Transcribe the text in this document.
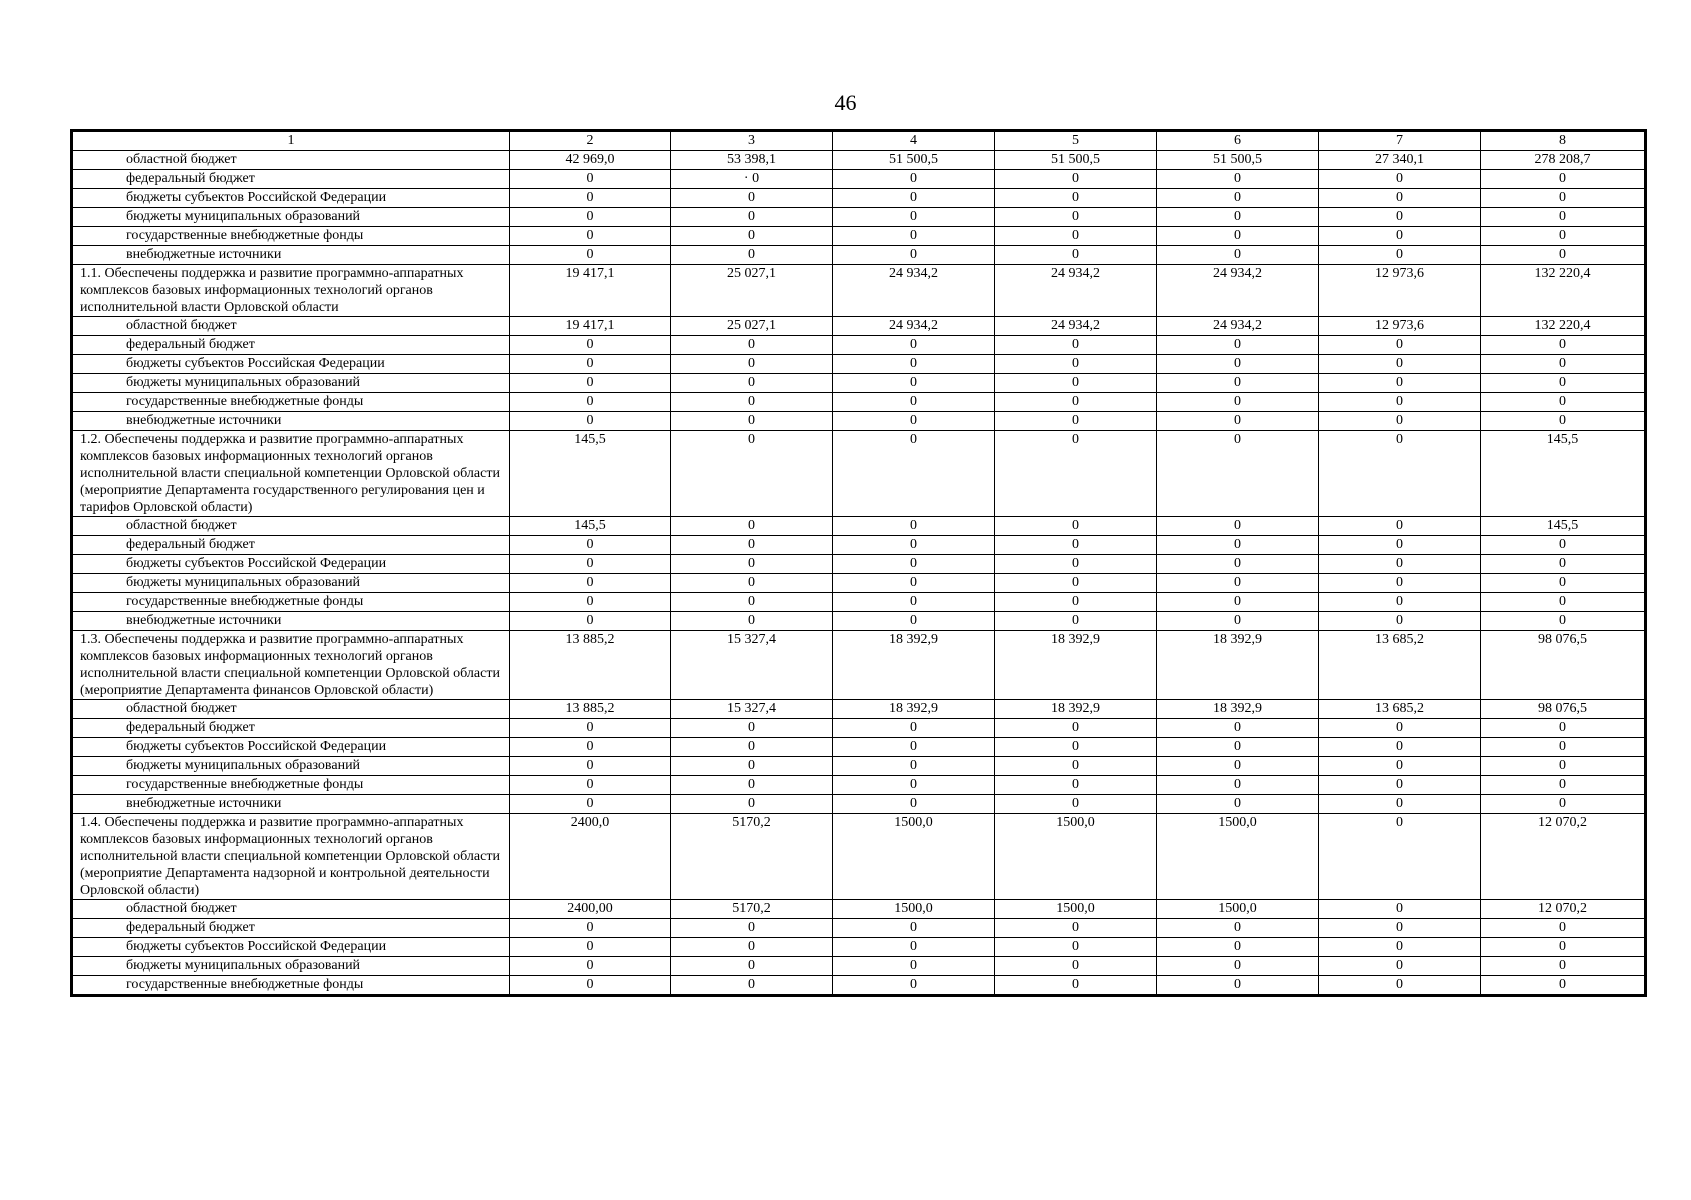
46
1	2	3	4	5	6	7	8
областной бюджет	42 969,0	53 398,1	51 500,5	51 500,5	51 500,5	27 340,1	278 208,7
федеральный бюджет	0	· 0	0	0	0	0	0
бюджеты субъектов Российской Федерации	0	0	0	0	0	0	0
бюджеты муниципальных образований	0	0	0	0	0	0	0
государственные внебюджетные фонды	0	0	0	0	0	0	0
внебюджетные источники	0	0	0	0	0	0	0
1.1. Обеспечены поддержка и развитие программно-аппаратных комплексов базовых информационных технологий органов исполнительной власти Орловской области	19 417,1	25 027,1	24 934,2	24 934,2	24 934,2	12 973,6	132 220,4
областной бюджет	19 417,1	25 027,1	24 934,2	24 934,2	24 934,2	12 973,6	132 220,4
федеральный бюджет	0	0	0	0	0	0	0
бюджеты субъектов Российская Федерации	0	0	0	0	0	0	0
бюджеты муниципальных образований	0	0	0	0	0	0	0
государственные внебюджетные фонды	0	0	0	0	0	0	0
внебюджетные источники	0	0	0	0	0	0	0
1.2. Обеспечены поддержка и развитие программно-аппаратных комплексов базовых информационных технологий органов исполнительной власти специальной компетенции Орловской области (мероприятие Департамента государственного регулирования цен и тарифов Орловской области)	145,5	0	0	0	0	0	145,5
областной бюджет	145,5	0	0	0	0	0	145,5
федеральный бюджет	0	0	0	0	0	0	0
бюджеты субъектов Российской Федерации	0	0	0	0	0	0	0
бюджеты муниципальных образований	0	0	0	0	0	0	0
государственные внебюджетные фонды	0	0	0	0	0	0	0
внебюджетные источники	0	0	0	0	0	0	0
1.3. Обеспечены поддержка и развитие программно-аппаратных комплексов базовых информационных технологий органов исполнительной власти специальной компетенции Орловской области (мероприятие Департамента финансов Орловской области)	13 885,2	15 327,4	18 392,9	18 392,9	18 392,9	13 685,2	98 076,5
областной бюджет	13 885,2	15 327,4	18 392,9	18 392,9	18 392,9	13 685,2	98 076,5
федеральный бюджет	0	0	0	0	0	0	0
бюджеты субъектов Российской Федерации	0	0	0	0	0	0	0
бюджеты муниципальных образований	0	0	0	0	0	0	0
государственные внебюджетные фонды	0	0	0	0	0	0	0
внебюджетные источники	0	0	0	0	0	0	0
1.4. Обеспечены поддержка и развитие программно-аппаратных комплексов базовых информационных технологий органов исполнительной власти специальной компетенции Орловской области (мероприятие Департамента надзорной и контрольной деятельности Орловской области)	2400,0	5170,2	1500,0	1500,0	1500,0	0	12 070,2
областной бюджет	2400,00	5170,2	1500,0	1500,0	1500,0	0	12 070,2
федеральный бюджет	0	0	0	0	0	0	0
бюджеты субъектов Российской Федерации	0	0	0	0	0	0	0
бюджеты муниципальных образований	0	0	0	0	0	0	0
государственные внебюджетные фонды	0	0	0	0	0	0	0
